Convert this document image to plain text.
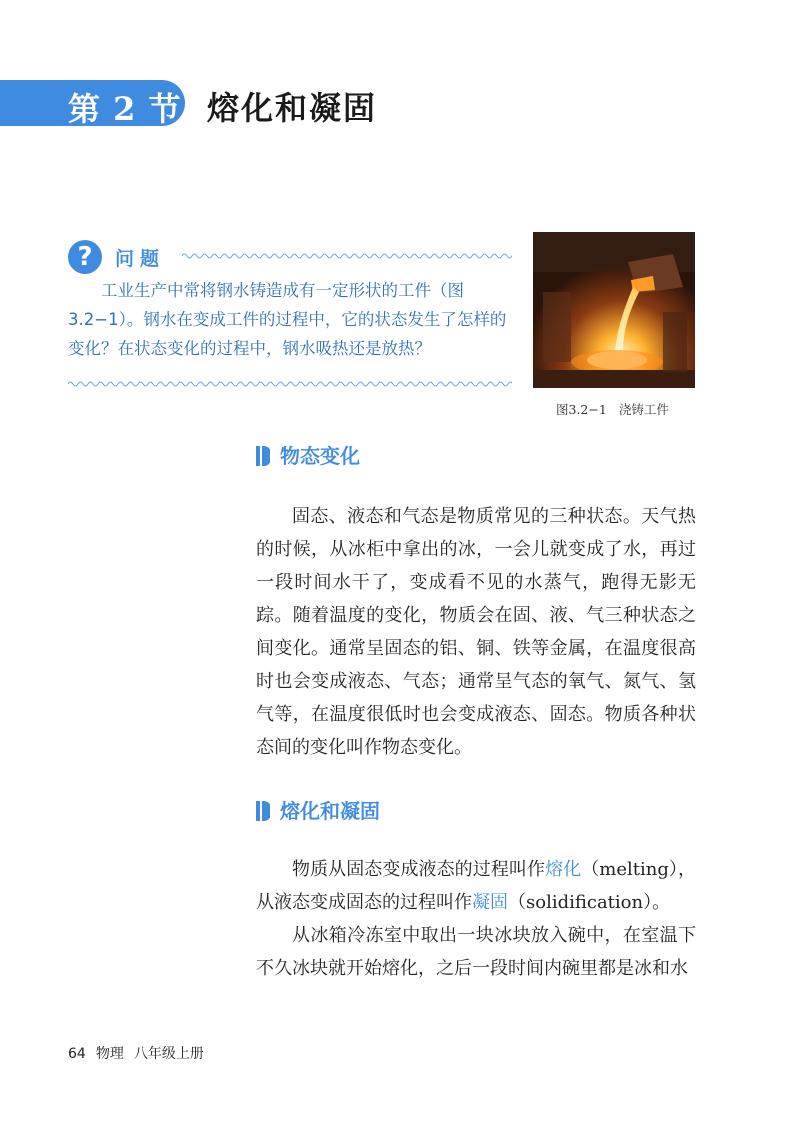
第 2 节 熔化和凝固
?	问题

工业生产中常将钢水铸造成有一定形状的工件（图 3.2−1）。钢水在变成工件的过程中，它的状态发生了怎样的变化？在状态变化的过程中，钢水吸热还是放热？

图3.2−1 浇铸工件
物态变化

固态、液态和气态是物质常见的三种状态。天气热的时候，从冰柜中拿出的冰，一会儿就变成了水，再过一段时间水干了，变成看不见的水蒸气，跑得无影无踪。随着温度的变化，物质会在固、液、气三种状态之间变化。通常呈固态的铝、铜、铁等金属，在温度很高时也会变成液态、气态；通常呈气态的氧气、氮气、氢气等，在温度很低时也会变成液态、固态。物质各种状态间的变化叫作物态变化。

熔化和凝固

物质从固态变成液态的过程叫作熔化（melting），从液态变成固态的过程叫作凝固（solidification）。

从冰箱冷冻室中取出一块冰块放入碗中，在室温下不久冰块就开始熔化，之后一段时间内碗里都是冰和水

64 物理 八年级上册
